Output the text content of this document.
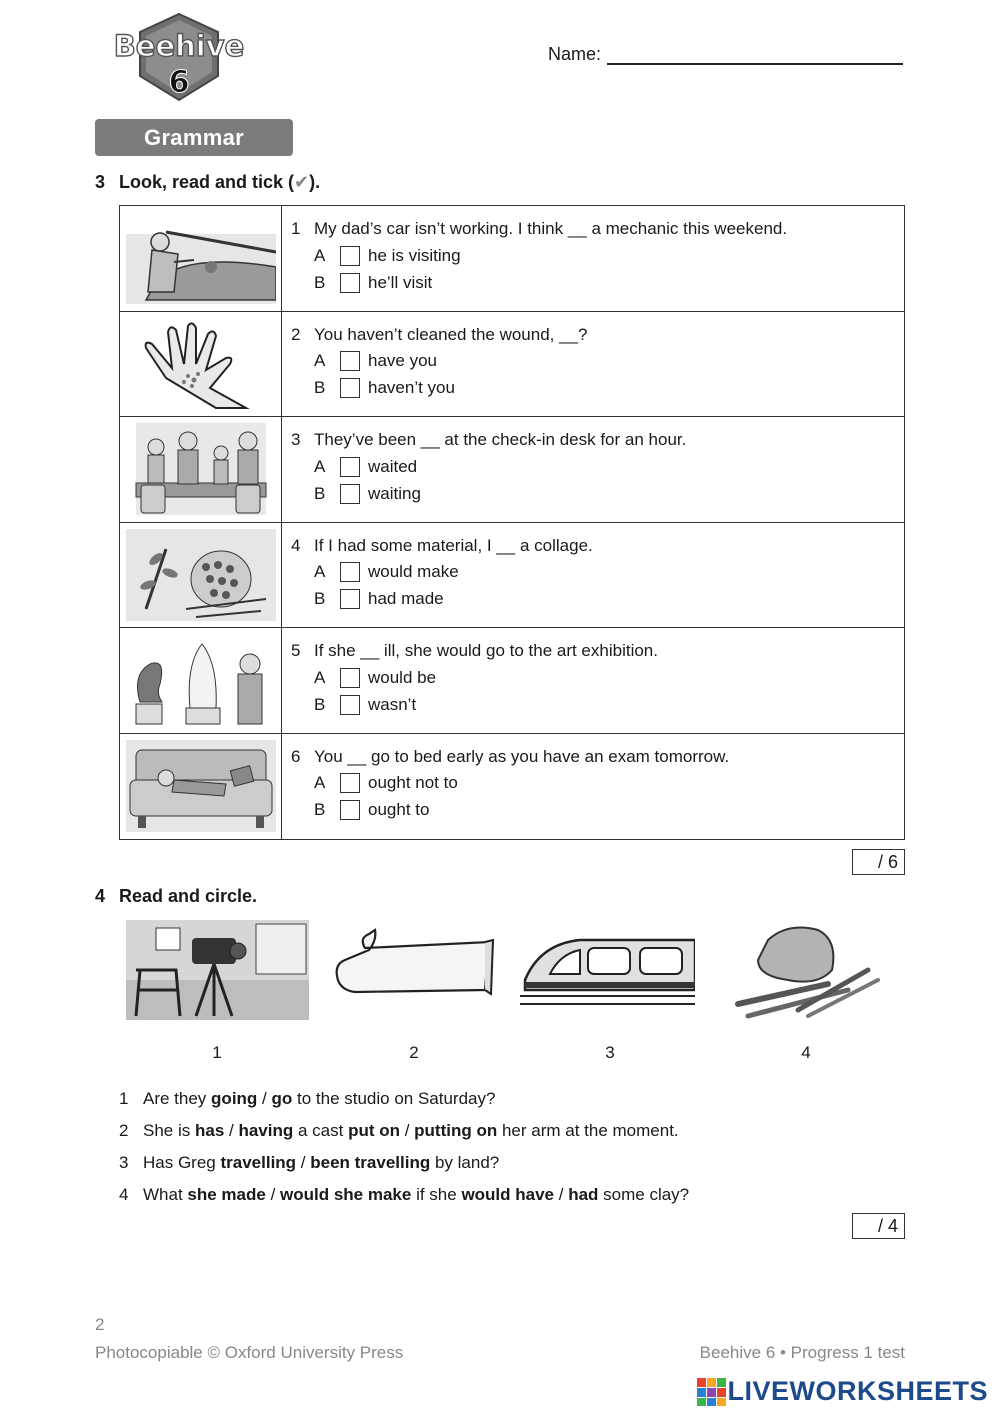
Beehive
6
Name:
Grammar
3 Look, read and tick (✔).
1 My dad’s car isn’t working. I think __ a mechanic this weekend.
A	he is visiting
B	he’ll visit
2 You haven’t cleaned the wound, __?
A	have you
B	haven’t you
3 They’ve been __ at the check-in desk for an hour.
A	waited
B	waiting
4 If I had some material, I __ a collage.
A	would make
B	had made
5 If she __ ill, she would go to the art exhibition.
A	would be
B	wasn’t
6 You __ go to bed early as you have an exam tomorrow.
A	ought not to
B	ought to
/ 6
4 Read and circle.
1	2	3	4
1 Are they going / go to the studio on Saturday?
2 She is has / having a cast put on / putting on her arm at the moment.
3 Has Greg travelling / been travelling by land?
4 What she made / would she make if she would have / had some clay?
/ 4
2
Photocopiable © Oxford University Press	Beehive 6 • Progress 1 test
LIVEWORKSHEETS
